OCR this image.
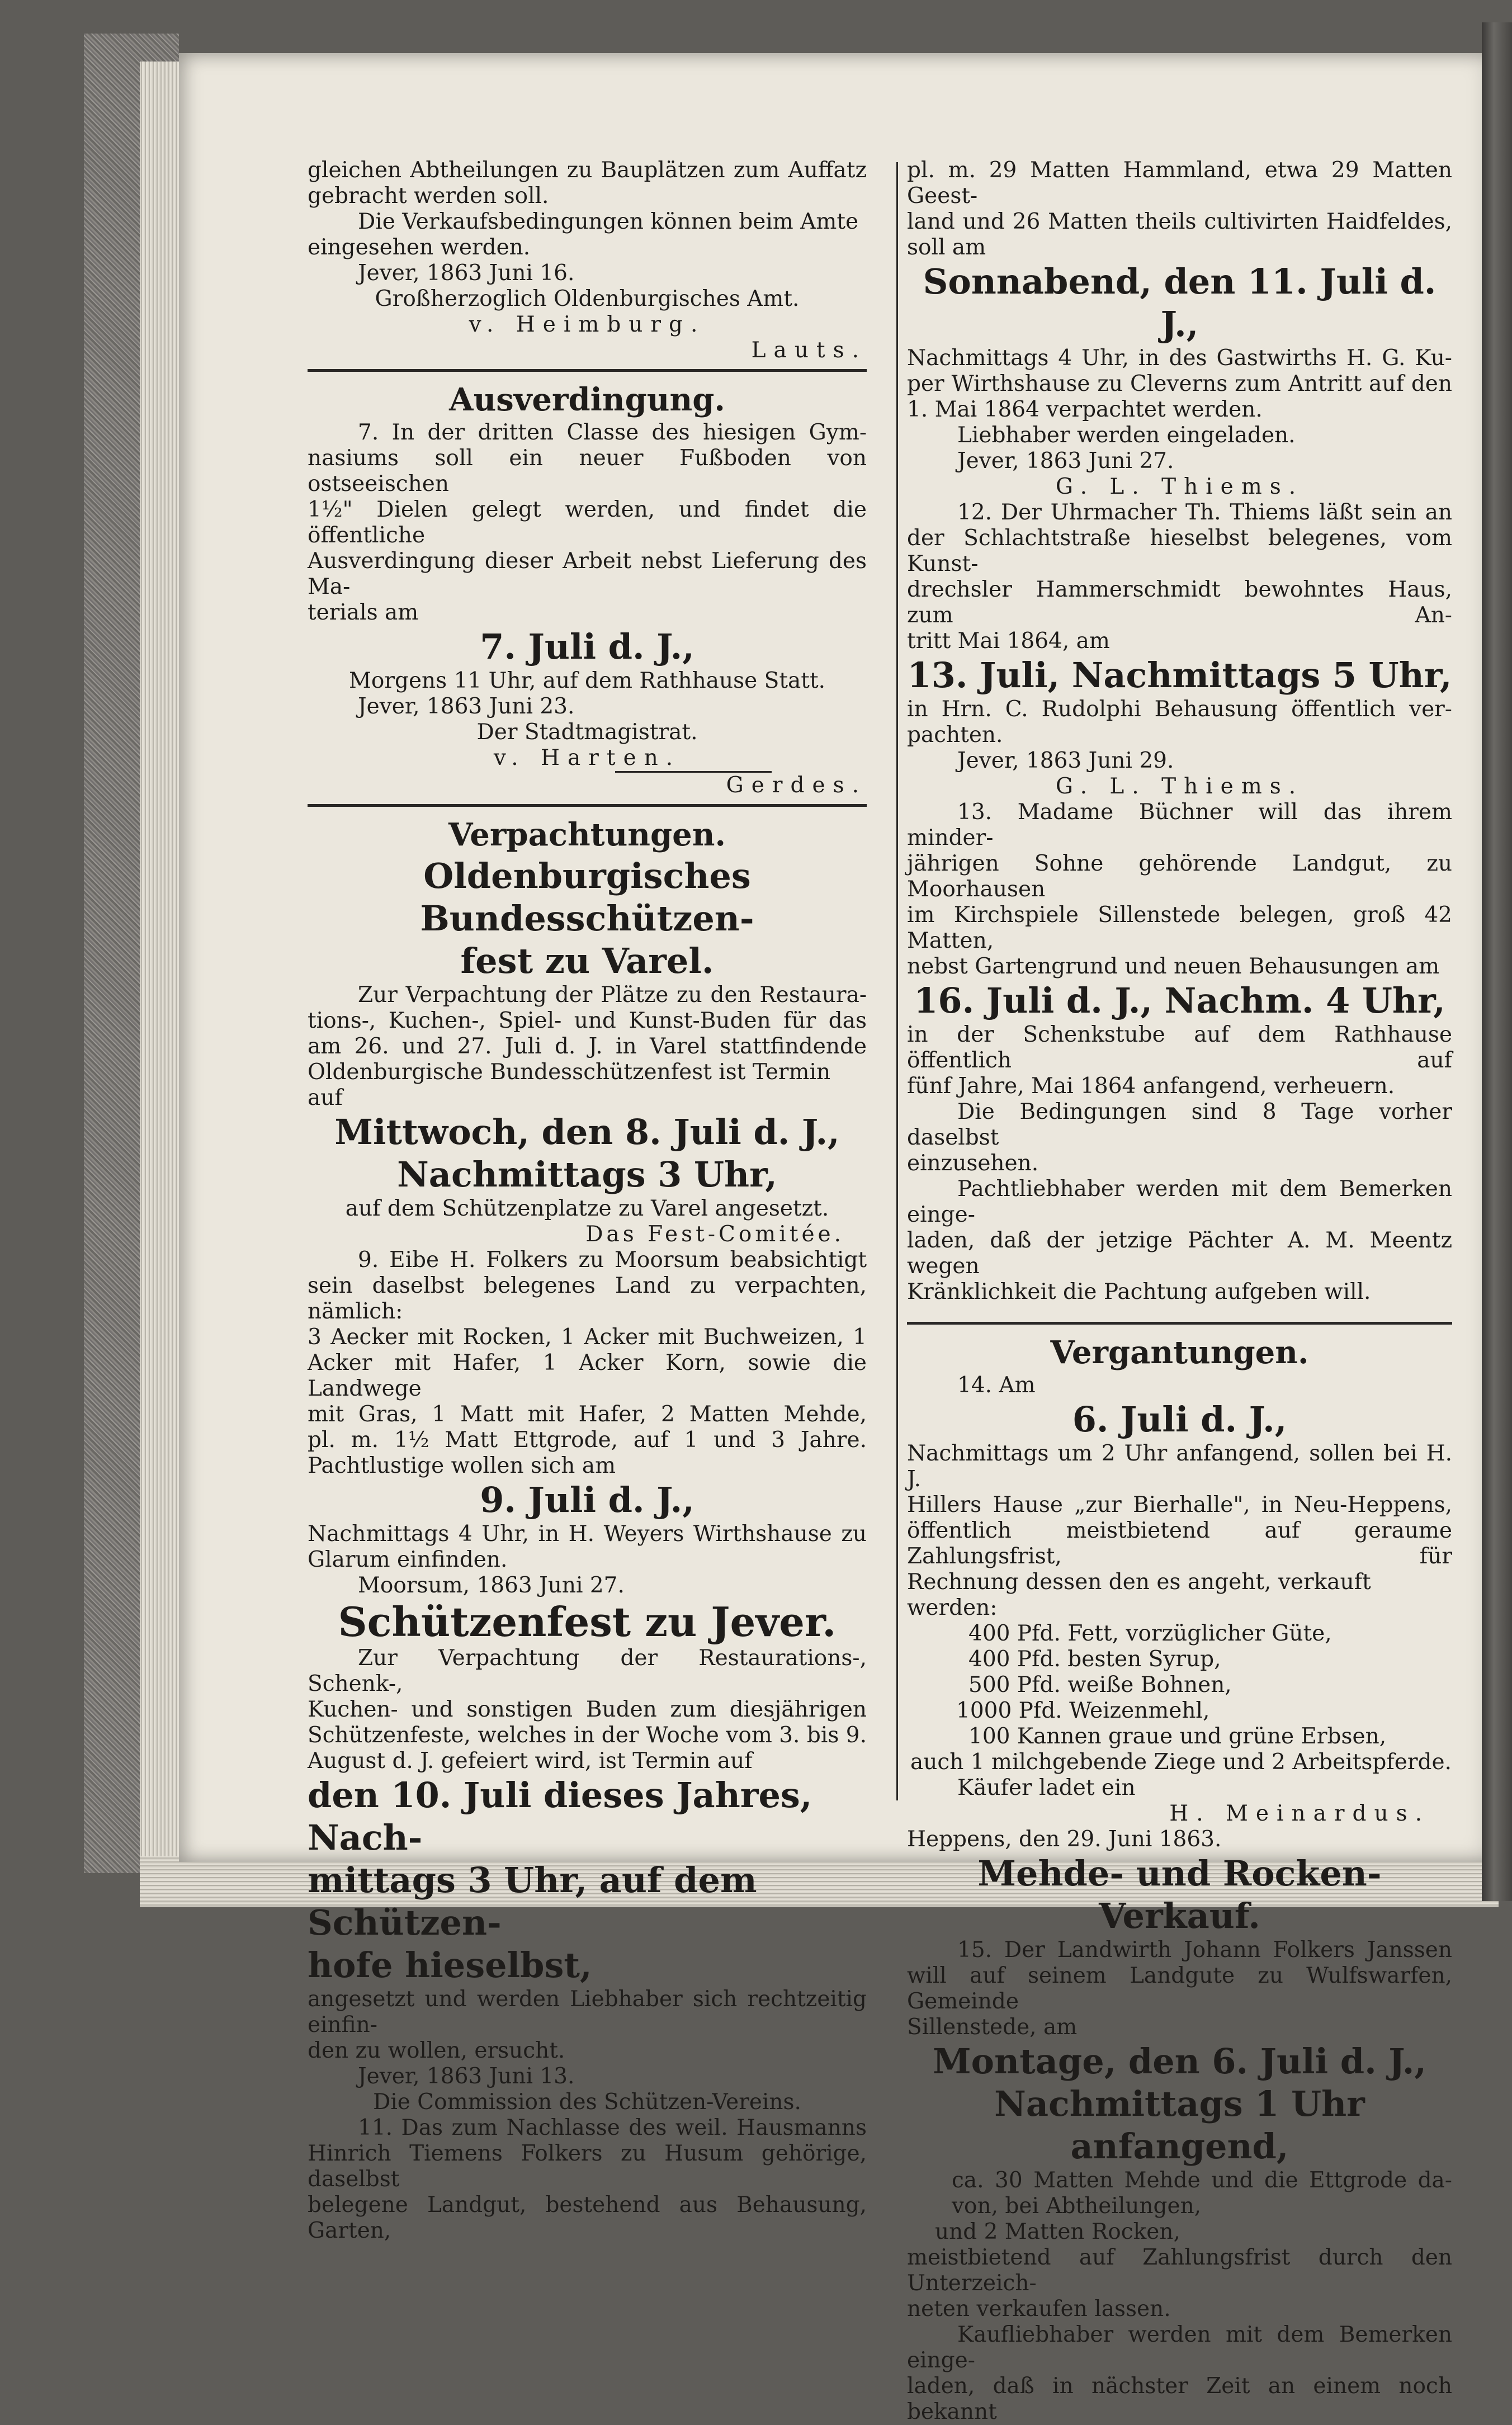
gleichen Abtheilungen zu Bauplätzen zum Auffatz

gebracht werden soll.

Die Verkaufsbedingungen können beim Amte

eingesehen werden.

Jever, 1863 Juni 16.

Großherzoglich Oldenburgisches Amt.

v. Heimburg.

Lauts.

Ausverdingung.

7. In der dritten Classe des hiesigen Gym-

nasiums soll ein neuer Fußboden von ostseeischen

1½" Dielen gelegt werden, und findet die öffentliche

Ausverdingung dieser Arbeit nebst Lieferung des Ma-

terials am

7. Juli d. J.,

Morgens 11 Uhr, auf dem Rathhause Statt.

Jever, 1863 Juni 23.

Der Stadtmagistrat.

v. Harten.

Gerdes.

Verpachtungen.

Oldenburgisches Bundesschützen-

fest zu Varel.

Zur Verpachtung der Plätze zu den Restaura-

tions-, Kuchen-, Spiel- und Kunst-Buden für das

am 26. und 27. Juli d. J. in Varel stattfindende

Oldenburgische Bundesschützenfest ist Termin auf

Mittwoch, den 8. Juli d. J.,

Nachmittags 3 Uhr,

auf dem Schützenplatze zu Varel angesetzt.

Das Fest-Comitée.

9. Eibe H. Folkers zu Moorsum beabsichtigt

sein daselbst belegenes Land zu verpachten, nämlich:

3 Aecker mit Rocken, 1 Acker mit Buchweizen, 1

Acker mit Hafer, 1 Acker Korn, sowie die Landwege

mit Gras, 1 Matt mit Hafer, 2 Matten Mehde,

pl. m. 1½ Matt Ettgrode, auf 1 und 3 Jahre.

Pachtlustige wollen sich am

9. Juli d. J.,

Nachmittags 4 Uhr, in H. Weyers Wirthshause zu

Glarum einfinden.

Moorsum, 1863 Juni 27.

Schützenfest zu Jever.

Zur Verpachtung der Restaurations-, Schenk-,

Kuchen- und sonstigen Buden zum diesjährigen

Schützenfeste, welches in der Woche vom 3. bis 9.

August d. J. gefeiert wird, ist Termin auf

den 10. Juli dieses Jahres, Nach-

mittags 3 Uhr, auf dem Schützen-

hofe hieselbst,

angesetzt und werden Liebhaber sich rechtzeitig einfin-

den zu wollen, ersucht.

Jever, 1863 Juni 13.

Die Commission des Schützen-Vereins.

11. Das zum Nachlasse des weil. Hausmanns

Hinrich Tiemens Folkers zu Husum gehörige, daselbst

belegene Landgut, bestehend aus Behausung, Garten,

pl. m. 29 Matten Hammland, etwa 29 Matten Geest-

land und 26 Matten theils cultivirten Haidfeldes,

soll am

Sonnabend, den 11. Juli d. J.,

Nachmittags 4 Uhr, in des Gastwirths H. G. Ku-

per Wirthshause zu Cleverns zum Antritt auf den

1. Mai 1864 verpachtet werden.

Liebhaber werden eingeladen.

Jever, 1863 Juni 27.

G. L. Thiems.

12. Der Uhrmacher Th. Thiems läßt sein an

der Schlachtstraße hieselbst belegenes, vom Kunst-

drechsler Hammerschmidt bewohntes Haus, zum An-

tritt Mai 1864, am

13. Juli, Nachmittags 5 Uhr,

in Hrn. C. Rudolphi Behausung öffentlich ver-

pachten.

Jever, 1863 Juni 29.

G. L. Thiems.

13. Madame Büchner will das ihrem minder-

jährigen Sohne gehörende Landgut, zu Moorhausen

im Kirchspiele Sillenstede belegen, groß 42 Matten,

nebst Gartengrund und neuen Behausungen am

16. Juli d. J., Nachm. 4 Uhr,

in der Schenkstube auf dem Rathhause öffentlich auf

fünf Jahre, Mai 1864 anfangend, verheuern.

Die Bedingungen sind 8 Tage vorher daselbst

einzusehen.

Pachtliebhaber werden mit dem Bemerken einge-

laden, daß der jetzige Pächter A. M. Meentz wegen

Kränklichkeit die Pachtung aufgeben will.

Vergantungen.

14. Am

6. Juli d. J.,

Nachmittags um 2 Uhr anfangend, sollen bei H. J.

Hillers Hause „zur Bierhalle", in Neu-Heppens,

öffentlich meistbietend auf geraume Zahlungsfrist, für

Rechnung dessen den es angeht, verkauft werden:

400 Pfd. Fett, vorzüglicher Güte,

400 Pfd. besten Syrup,

500 Pfd. weiße Bohnen,

1000 Pfd. Weizenmehl,

100 Kannen graue und grüne Erbsen,

auch 1 milchgebende Ziege und 2 Arbeitspferde.

Käufer ladet ein

H. Meinardus.

Heppens, den 29. Juni 1863.

Mehde- und Rocken-Verkauf.

15. Der Landwirth Johann Folkers Janssen

will auf seinem Landgute zu Wulfswarfen, Gemeinde

Sillenstede, am

Montage, den 6. Juli d. J.,

Nachmittags 1 Uhr anfangend,

ca. 30 Matten Mehde und die Ettgrode da-

von, bei Abtheilungen,

und 2 Matten Rocken,

meistbietend auf Zahlungsfrist durch den Unterzeich-

neten verkaufen lassen.

Kaufliebhaber werden mit dem Bemerken einge-

laden, daß in nächster Zeit an einem noch bekannt
